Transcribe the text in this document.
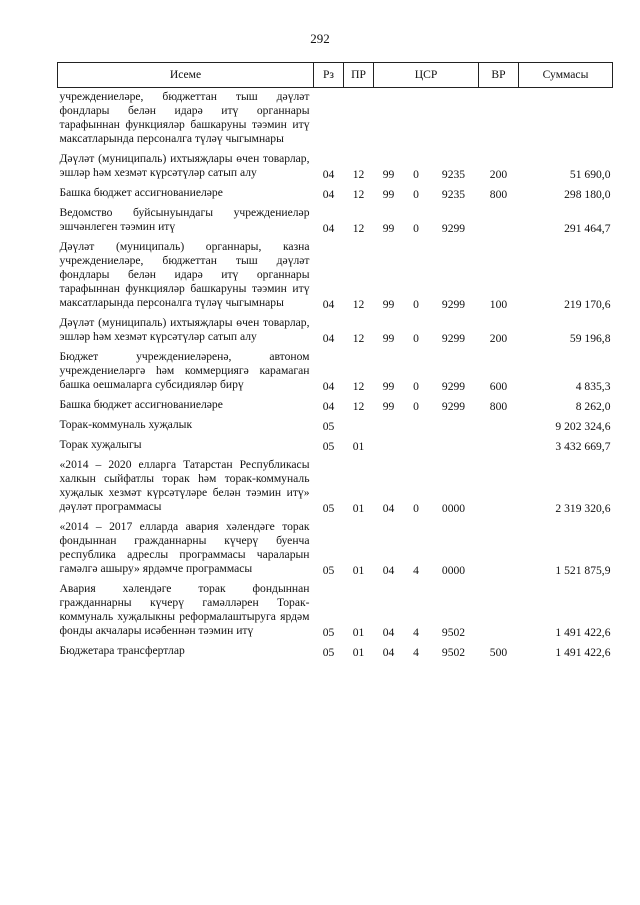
292
Исеме	Рз	ПР	ЦСР			ВР	Суммасы
учреждениеләре, бюджеттан тыш дәүләт фондлары белән идарә итү органнары тарафыннан функцияләр башкаруны тәэмин итү максатларында персоналга түләү чыгымнары							
Дәүләт (муниципаль) ихтыяҗлары өчен товарлар, эшләр һәм хезмәт күрсәтүләр сатып алу	04	12	99	0	9235	200	51 690,0
Башка бюджет ассигнованиеләре	04	12	99	0	9235	800	298 180,0
Ведомство буйсынуындагы учреждениеләр эшчәнлеген тәэмин итү	04	12	99	0	9299		291 464,7
Дәүләт (муниципаль) органнары, казна учреждениеләре, бюджеттан тыш дәүләт фондлары белән идарә итү органнары тарафыннан функцияләр башкаруны тәэмин итү максатларында персоналга түләү чыгымнары	04	12	99	0	9299	100	219 170,6
Дәүләт (муниципаль) ихтыяҗлары өчен товарлар, эшләр һәм хезмәт күрсәтүләр сатып алу	04	12	99	0	9299	200	59 196,8
Бюджет учреждениеләренә, автоном учреждениеләргә һәм коммерциягә карамаган башка оешмаларга субсидияләр бирү	04	12	99	0	9299	600	4 835,3
Башка бюджет ассигнованиеләре	04	12	99	0	9299	800	8 262,0
Торак-коммуналь хуҗалык	05						9 202 324,6
Торак хуҗалыгы	05	01					3 432 669,7
«2014 – 2020 елларга Татарстан Республикасы халкын сыйфатлы торак һәм торак-коммуналь хуҗалык хезмәт күрсәтүләре белән тәэмин итү» дәүләт программасы	05	01	04	0	0000		2 319 320,6
«2014 – 2017 елларда авария хәлендәге торак фондыннан гражданнарны күчерү буенча республика адреслы программасы чараларын гамәлгә ашыру» ярдәмче программасы	05	01	04	4	0000		1 521 875,9
Авария хәлендәге торак фондыннан гражданнарны күчерү гамәлләрен Торак-коммуналь хуҗалыкны реформалаштыруга ярдәм фонды акчалары исәбеннән тәэмин итү	05	01	04	4	9502		1 491 422,6
Бюджетара трансфертлар	05	01	04	4	9502	500	1 491 422,6
